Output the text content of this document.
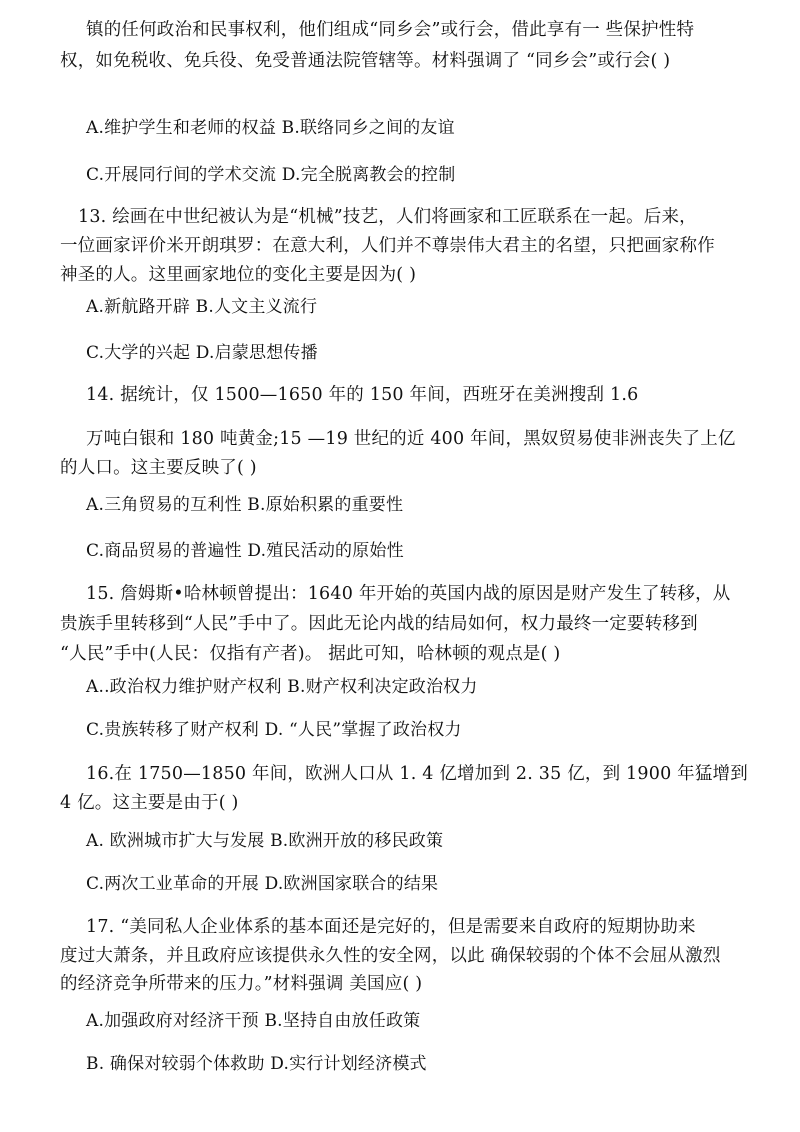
镇的任何政治和民事权利，他们组成“同乡会”或行会，借此享有一 些保护性特
权，如免税收、免兵役、免受普通法院管辖等。材料强调了 “同乡会”或行会( )
A.维护学生和老师的权益 B.联络同乡之间的友谊
C.开展同行间的学术交流 D.完全脱离教会的控制
13. 绘画在中世纪被认为是“机械”技艺，人们将画家和工匠联系在一起。后来，
一位画家评价米开朗琪罗：在意大利，人们并不尊崇伟大君主的名望，只把画家称作
神圣的人。这里画家地位的变化主要是因为( )
A.新航路开辟 B.人文主义流行
C.大学的兴起 D.启蒙思想传播
14. 据统计，仅 1500—1650 年的 150 年间，西班牙在美洲搜刮 1.6
万吨白银和 180 吨黄金;15 —19 世纪的近 400 年间，黑奴贸易使非洲丧失了上亿
的人口。这主要反映了( )
A.三角贸易的互利性 B.原始积累的重要性
C.商品贸易的普遍性 D.殖民活动的原始性
15. 詹姆斯•哈林顿曾提出：1640 年开始的英国内战的原因是财产发生了转移，从
贵族手里转移到“人民”手中了。因此无论内战的结局如何，权力最终一定要转移到
“人民”手中(人民：仅指有产者)。 据此可知，哈林顿的观点是( )
A..政治权力维护财产权利 B.财产权利决定政治权力
C.贵族转移了财产权利 D. “人民”掌握了政治权力
16.在 1750—1850 年间，欧洲人口从 1. 4 亿增加到 2. 35 亿，到 1900 年猛增到
4 亿。这主要是由于( )
A. 欧洲城市扩大与发展 B.欧洲开放的移民政策
C.两次工业革命的开展 D.欧洲国家联合的结果
17. “美同私人企业体系的基本面还是完好的，但是需要来自政府的短期协助来
度过大萧条，并且政府应该提供永久性的安全网，以此 确保较弱的个体不会屈从激烈
的经济竞争所带来的压力。”材料强调 美国应( )
A.加强政府对经济干预 B.坚持自由放任政策
B. 确保对较弱个体救助 D.实行计划经济模式
